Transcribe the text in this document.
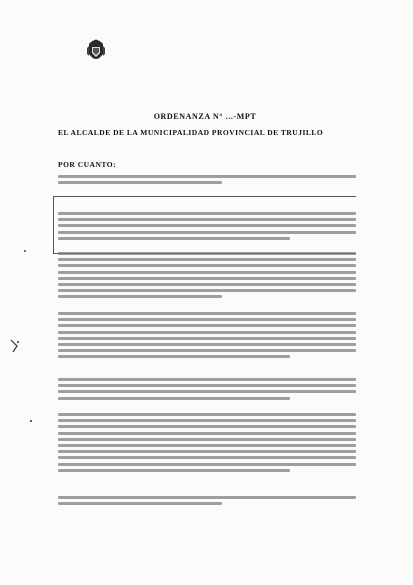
ORDENANZA N° ...-MPT
EL ALCALDE DE LA MUNICIPALIDAD PROVINCIAL DE TRUJILLO
POR CUANTO:
